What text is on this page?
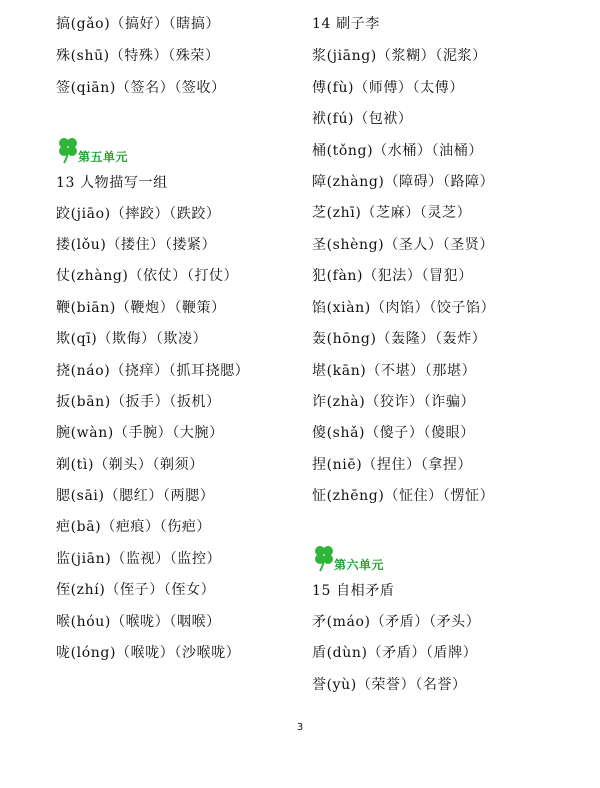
搞(gǎo)（搞好）（瞎搞）
殊(shū)（特殊）（殊荣）
签(qiān)（签名）（签收）
第五单元
13 人物描写一组
跤(jiāo)（摔跤）（跌跤）
搂(lǒu)（搂住）（搂紧）
仗(zhàng)（依仗）（打仗）
鞭(biān)（鞭炮）（鞭策）
欺(qī)（欺侮）（欺凌）
挠(náo)（挠痒）（抓耳挠腮）
扳(bān)（扳手）（扳机）
腕(wàn)（手腕）（大腕）
剃(tì)（剃头）（剃须）
腮(sāi)（腮红）（两腮）
疤(bā)（疤痕）（伤疤）
监(jiān)（监视）（监控）
侄(zhí)（侄子）（侄女）
喉(hóu)（喉咙）（咽喉）
咙(lóng)（喉咙）（沙喉咙）
14 刷子李
浆(jiāng)（浆糊）（泥浆）
傅(fù)（师傅）（太傅）
袱(fú)（包袱）
桶(tǒng)（水桶）（油桶）
障(zhàng)（障碍）（路障）
芝(zhī)（芝麻）（灵芝）
圣(shèng)（圣人）（圣贤）
犯(fàn)（犯法）（冒犯）
馅(xiàn)（肉馅）（饺子馅）
轰(hōng)（轰隆）（轰炸）
堪(kān)（不堪）（那堪）
诈(zhà)（狡诈）（诈骗）
傻(shǎ)（傻子）（傻眼）
捏(niē)（捏住）（拿捏）
怔(zhēng)（怔住）（愣怔）
第六单元
15 自相矛盾
矛(máo)（矛盾）（矛头）
盾(dùn)（矛盾）（盾牌）
誉(yù)（荣誉）（名誉）
3
